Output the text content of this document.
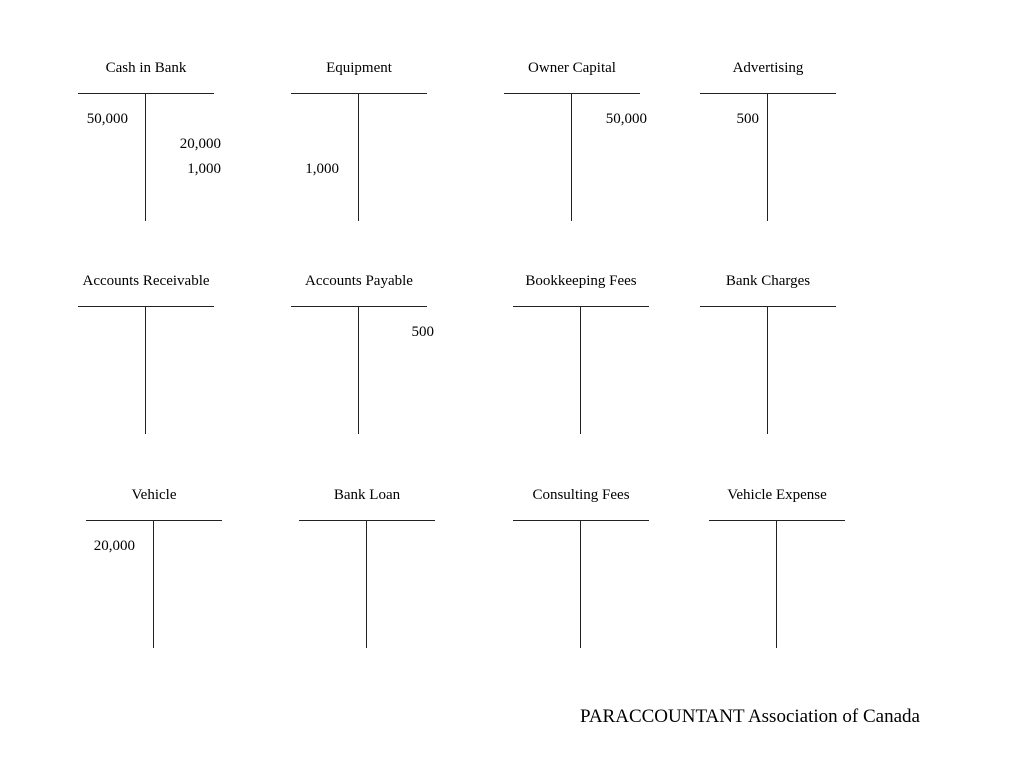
Cash in Bank
50,000
20,000
1,000
Equipment
1,000
Owner Capital
50,000
Advertising
500
Accounts Receivable	Accounts Payable
500
Bookkeeping Fees	Bank Charges
Vehicle
20,000
Bank Loan	Consulting Fees	Vehicle Expense
PARACCOUNTANT Association of Canada
